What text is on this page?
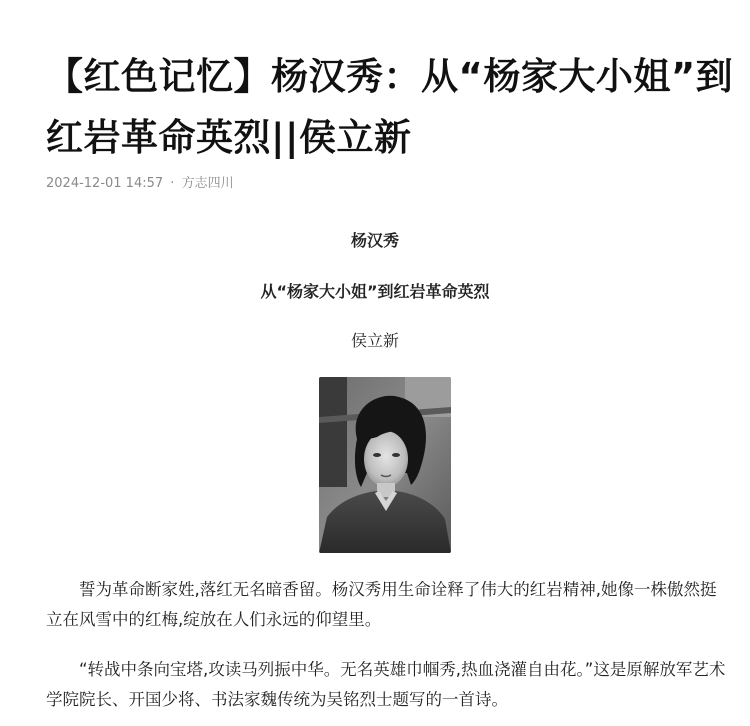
【红色记忆】杨汉秀：从“杨家大小姐”到
红岩革命英烈||侯立新
2024-12-01 14:57 · 方志四川
杨汉秀
从“杨家大小姐”到红岩革命英烈
侯立新

誓为革命断家姓,落红无名暗香留。杨汉秀用生命诠释了伟大的红岩精神,她像一株傲然挺立在风雪中的红梅,绽放在人们永远的仰望里。

“转战中条向宝塔,攻读马列振中华。无名英雄巾帼秀,热血浇灌自由花。”这是原解放军艺术学院院长、开国少将、书法家魏传统为吴铭烈士题写的一首诗。
